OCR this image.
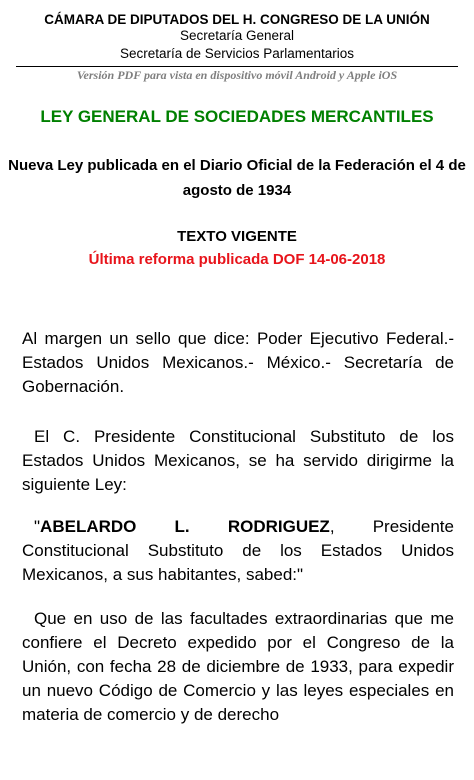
CÁMARA DE DIPUTADOS DEL H. CONGRESO DE LA UNIÓN
Secretaría General
Secretaría de Servicios Parlamentarios
Versión PDF para vista en dispositivo móvil Android y Apple iOS
LEY GENERAL DE SOCIEDADES MERCANTILES
Nueva Ley publicada en el Diario Oficial de la Federación el 4 de agosto de 1934
TEXTO VIGENTE
Última reforma publicada DOF 14-06-2018
Al margen un sello que dice: Poder Ejecutivo Federal.- Estados Unidos Mexicanos.- México.- Secretaría de Gobernación.
El C. Presidente Constitucional Substituto de los Estados Unidos Mexicanos, se ha servido dirigirme la siguiente Ley:
"ABELARDO L. RODRIGUEZ, Presidente Constitucional Substituto de los Estados Unidos Mexicanos, a sus habitantes, sabed:"
Que en uso de las facultades extraordinarias que me confiere el Decreto expedido por el Congreso de la Unión, con fecha 28 de diciembre de 1933, para expedir un nuevo Código de Comercio y las leyes especiales en materia de comercio y de derecho
